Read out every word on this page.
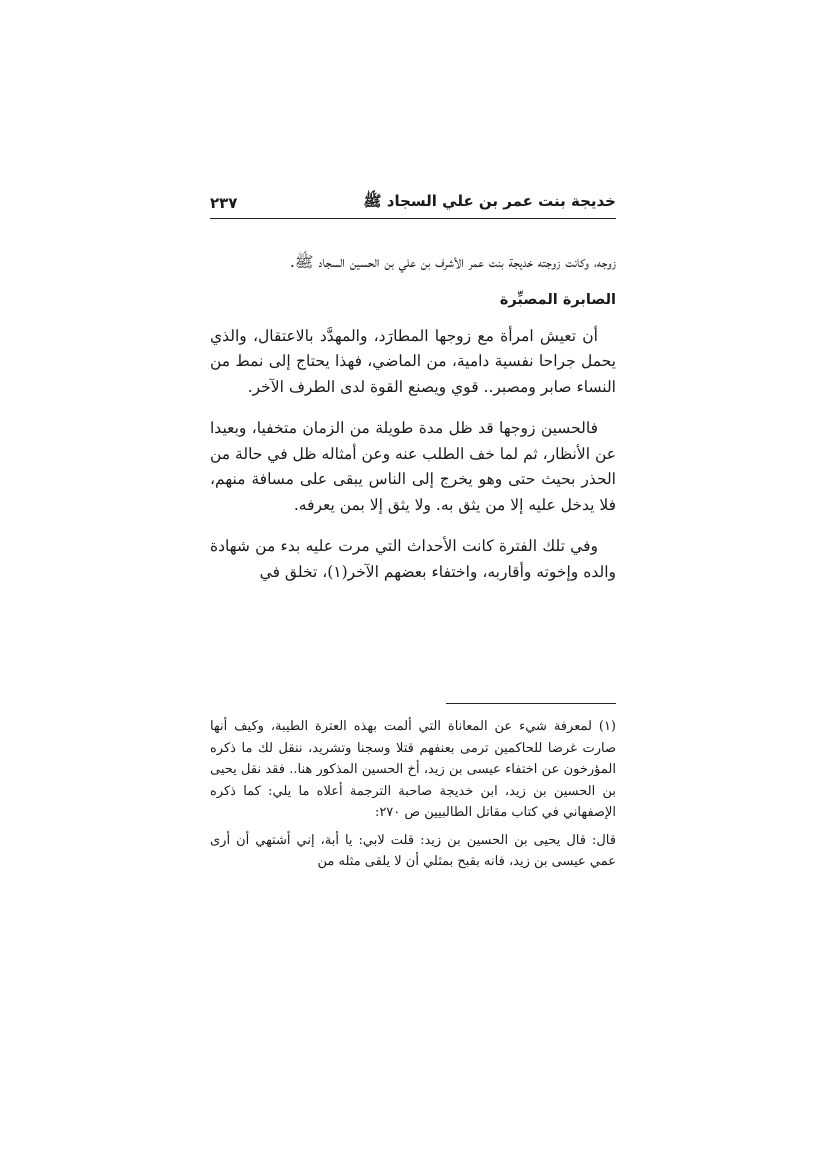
خديجة بنت عمر بن علي السجاد ﷺ
٢٣٧

زوجه، وكانت زوجته خديجة بنت عمر الأشرف بن علي بن الحسين السجاد ﷺ.

الصابرة المصبِّرة

أن تعيش امرأة مع زوجها المطارَد، والمهدَّد بالاعتقال، والذي يحمل جراحا نفسية دامية، من الماضي، فهذا يحتاج إلى نمط من النساء صابر ومصبر.. قوي ويصنع القوة لدى الطرف الآخر.

فالحسين زوجها قد ظل مدة طويلة من الزمان متخفيا، وبعيدا عن الأنظار، ثم لما خف الطلب عنه وعن أمثاله ظل في حالة من الحذر بحيث حتى وهو يخرج إلى الناس يبقى على مسافة منهم، فلا يدخل عليه إلا من يثق به. ولا يثق إلا بمن يعرفه.

وفي تلك الفترة كانت الأحداث التي مرت عليه بدء من شهادة والده وإخوته وأقاربه، واختفاء بعضهم الآخر(١)، تخلق في

(١) لمعرفة شيء عن المعاناة التي ألمت بهذه العترة الطيبة، وكيف أنها صارت غرضا للحاكمين ترمى بعنفهم قتلا وسجنا وتشريد، ننقل لك ما ذكره المؤرخون عن اختفاء عيسى بن زيد، أخ الحسين المذكور هنا.. فقد نقل يحيى بن الحسين بن زيد، ابن خديجة صاحبة الترجمة أعلاه ما يلي: كما ذكره الإصفهاني في كتاب مقاتل الطالبيين ص ٢٧٠:

قال: قال يحيى بن الحسين بن زيد: قلت لابي: يا أبة، إني أشتهي أن أرى عمي عيسى بن زيد، فانه بقبح بمثلي أن لا يلقى مثله من
